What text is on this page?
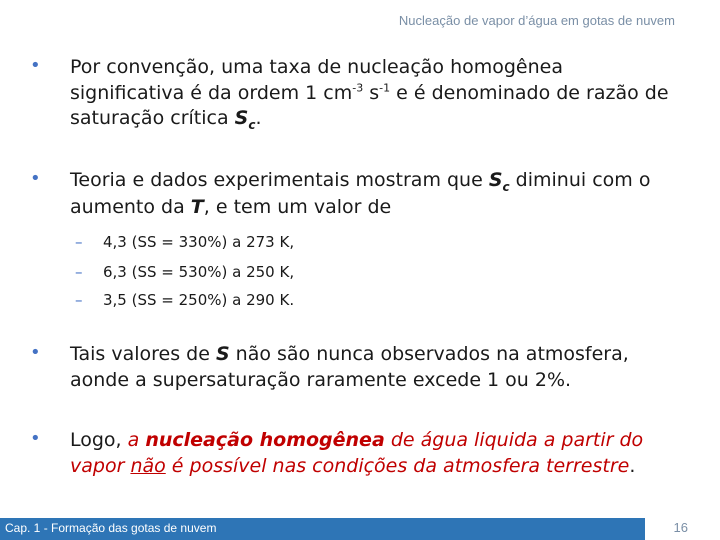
Nucleação de vapor d’água em gotas de nuvem
• Por convenção, uma taxa de nucleação homogênea
significativa é da ordem 1 $cm^{-3}$ $s^{-1}$ e é denominado de razão de
saturação crítica $S_c$.
• Teoria e dados experimentais mostram que $S_c$ diminui com o
aumento da T, e tem um valor de
– 4,3 (SS = 330%) a 273 K,
– 6,3 (SS = 530%) a 250 K,
– 3,5 (SS = 250%) a 290 K.
• Tais valores de S não são nunca observados na atmosfera,
aonde a supersaturação raramente excede 1 ou 2%.
• Logo, a nucleação homogênea de água liquida a partir do
vapor não é possível nas condições da atmosfera terrestre.
Cap. 1 - Formação das gotas de nuvem	16
